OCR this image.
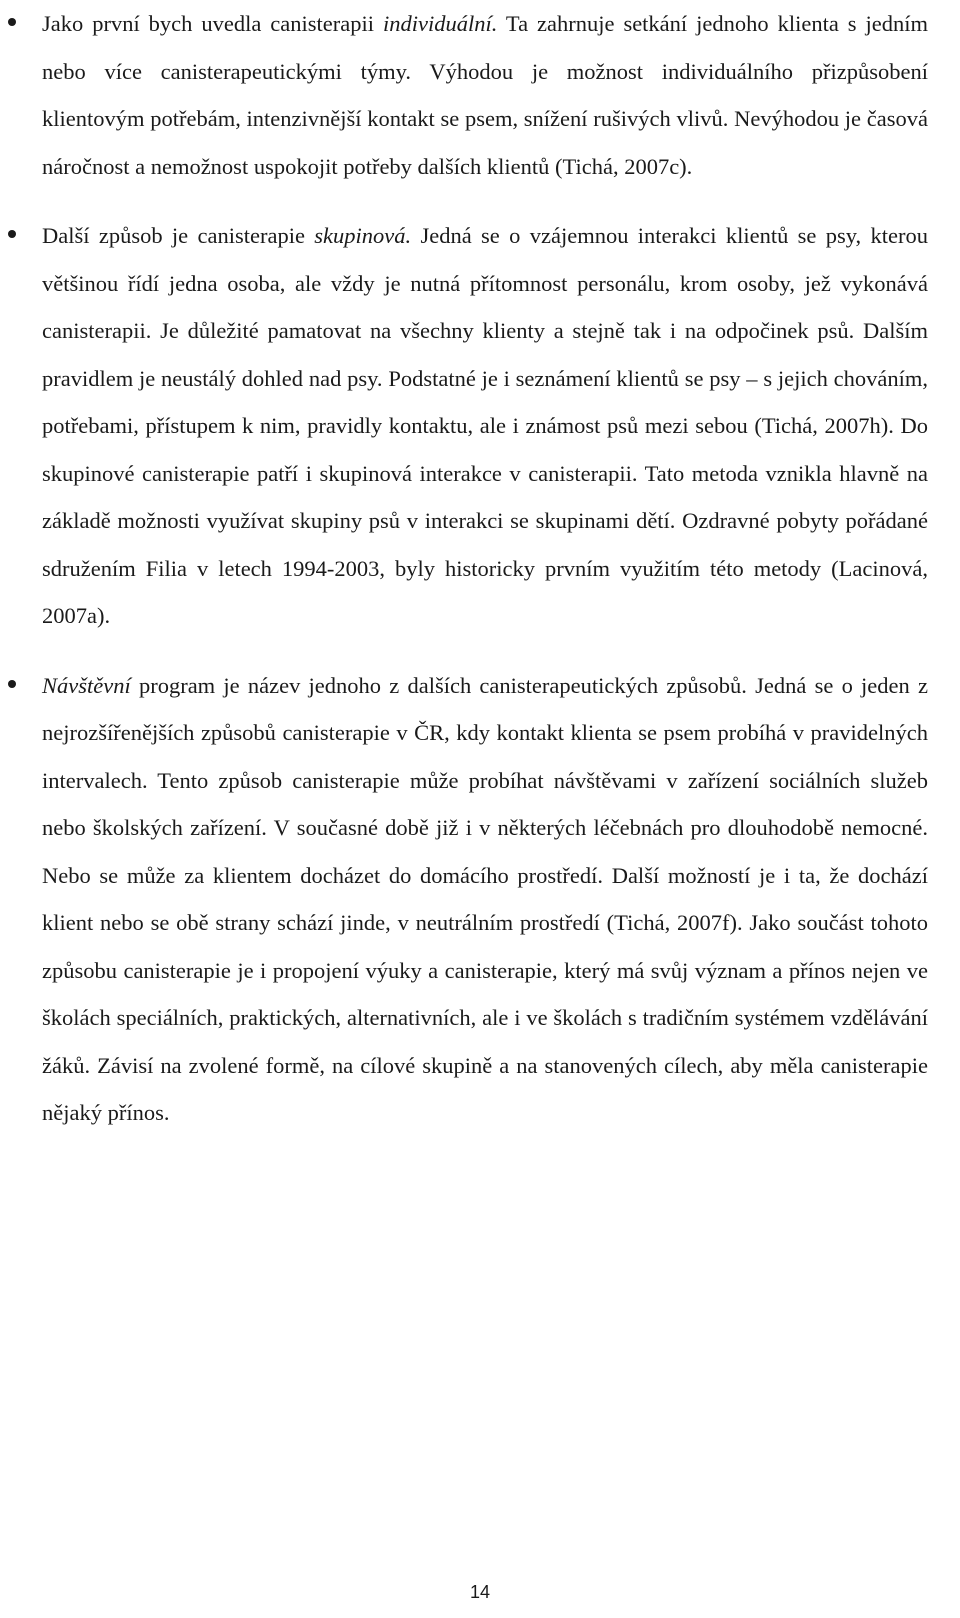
Jako první bych uvedla canisterapii individuální. Ta zahrnuje setkání jednoho klienta s jedním nebo více canisterapeutickými týmy. Výhodou je možnost individuálního přizpůsobení klientovým potřebám, intenzivnější kontakt se psem, snížení rušivých vlivů. Nevýhodou je časová náročnost a nemožnost uspokojit potřeby dalších klientů (Tichá, 2007c).

Další způsob je canisterapie skupinová. Jedná se o vzájemnou interakci klientů se psy, kterou většinou řídí jedna osoba, ale vždy je nutná přítomnost personálu, krom osoby, jež vykonává canisterapii. Je důležité pamatovat na všechny klienty a stejně tak i na odpočinek psů. Dalším pravidlem je neustálý dohled nad psy. Podstatné je i seznámení klientů se psy – s jejich chováním, potřebami, přístupem k nim, pravidly kontaktu, ale i známost psů mezi sebou (Tichá, 2007h). Do skupinové canisterapie patří i skupinová interakce v canisterapii. Tato metoda vznikla hlavně na základě možnosti využívat skupiny psů v interakci se skupinami dětí. Ozdravné pobyty pořádané sdružením Filia v letech 1994-2003, byly historicky prvním využitím této metody (Lacinová, 2007a).

Návštěvní program je název jednoho z dalších canisterapeutických způsobů. Jedná se o jeden z nejrozšířenějších způsobů canisterapie v ČR, kdy kontakt klienta se psem probíhá v pravidelných intervalech. Tento způsob canisterapie může probíhat návštěvami v zařízení sociálních služeb nebo školských zařízení. V současné době již i v některých léčebnách pro dlouhodobě nemocné. Nebo se může za klientem docházet do domácího prostředí. Další možností je i ta, že dochází klient nebo se obě strany schází jinde, v neutrálním prostředí (Tichá, 2007f). Jako součást tohoto způsobu canisterapie je i propojení výuky a canisterapie, který má svůj význam a přínos nejen ve školách speciálních, praktických, alternativních, ale i ve školách s tradičním systémem vzdělávání žáků. Závisí na zvolené formě, na cílové skupině a na stanovených cílech, aby měla canisterapie nějaký přínos.

14
